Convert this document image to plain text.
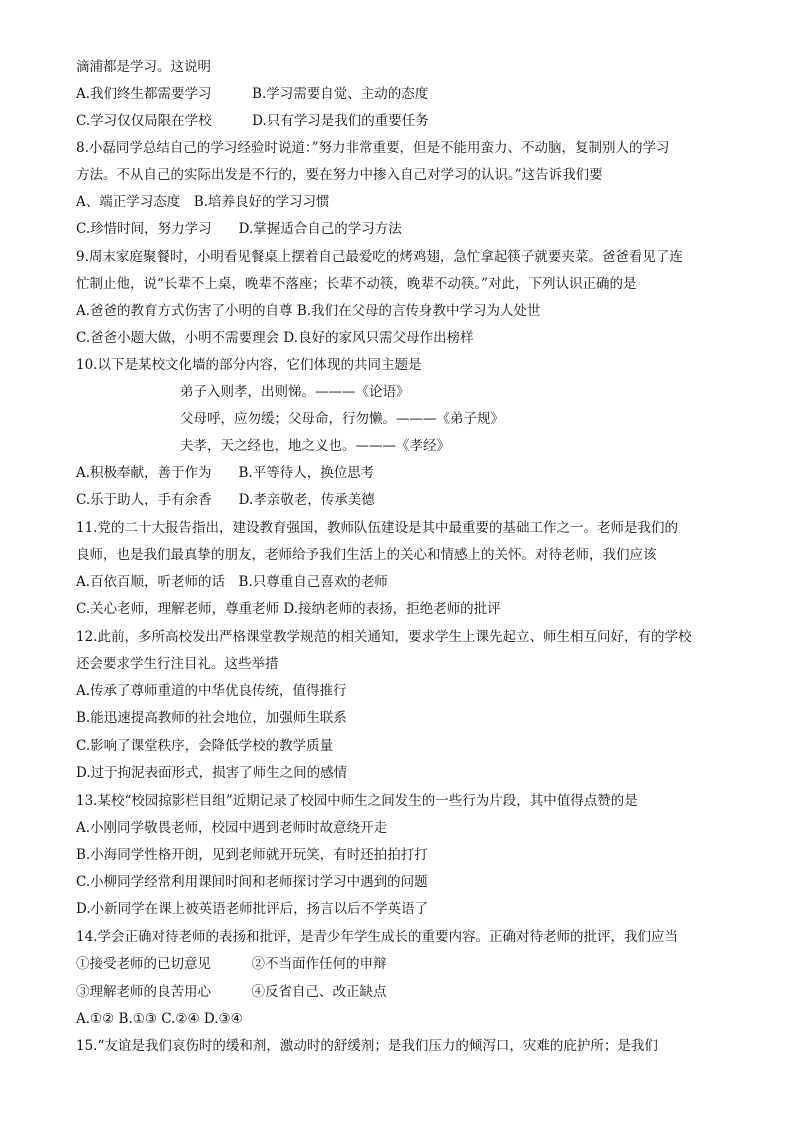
滴浦都是学习。这说明
A.我们终生都需要学习　　　B.学习需要自觉、主动的态度
C.学习仅仅局限在学校　　　D.只有学习是我们的重要任务
8.小磊同学总结自己的学习经验时说道：”努力非常重要，但是不能用蛮力、不动脑，复制别人的学习
方法。不从自己的实际出发是不行的，要在努力中掺入自己对学习的认识。”这告诉我们要
A、端正学习态度　B.培养良好的学习习惯
C.珍惜时间，努力学习　　D.掌握适合自己的学习方法
9.周末家庭聚餐时，小明看见餐桌上摆着自己最爱吃的烤鸡翅，急忙拿起筷子就要夹菜。爸爸看见了连
忙制止他，说“长辈不上桌，晚辈不落座；长辈不动筷，晚辈不动筷。”对此，下列认识正确的是
A.爸爸的教育方式伤害了小明的自尊 B.我们在父母的言传身教中学习为人处世
C.爸爸小题大做，小明不需要理会 D.良好的家风只需父母作出榜样
10.以下是某校文化墙的部分内容，它们体现的共同主题是
弟子入则孝，出则悌。———《论语》
父母呼，应勿缓；父母命，行勿懒。———《弟子规》
夫孝，天之经也，地之义也。———《孝经》
A.积极奉献，善于作为　　B.平等待人，换位思考
C.乐于助人，手有余香　　D.孝亲敬老，传承美德
11.党的二十大报告指出，建设教育强国，教师队伍建设是其中最重要的基础工作之一。老师是我们的
良师，也是我们最真挚的朋友，老师给予我们生活上的关心和情感上的关怀。对待老师，我们应该
A.百依百顺，听老师的话　B.只尊重自己喜欢的老师
C.关心老师，理解老师，尊重老师 D.接纳老师的表扬，拒绝老师的批评
12.此前，多所高校发出严格课堂教学规范的相关通知，要求学生上课先起立、师生相互问好，有的学校
还会要求学生行注目礼。这些举措
A.传承了尊师重道的中华优良传统，值得推行
B.能迅速提高教师的社会地位，加强师生联系
C.影响了课堂秩序，会降低学校的教学质量
D.过于拘泥表面形式，损害了师生之间的感情
13.某校“校园掠影栏目组”近期记录了校园中师生之间发生的一些行为片段，其中值得点赞的是
A.小刚同学敬畏老师，校园中遇到老师时故意绕开走
B.小海同学性格开朗，见到老师就开玩笑，有时还拍拍打打
C.小柳同学经常利用课间时间和老师探讨学习中遇到的问题
D.小新同学在课上被英语老师批评后，扬言以后不学英语了
14.学会正确对待老师的表扬和批评，是青少年学生成长的重要内容。正确对待老师的批评，我们应当
①接受老师的已切意见　　　②不当面作任何的申辩
③理解老师的良苦用心　　　④反省自己、改正缺点
A.①② B.①③ C.②④ D.③④
15.“友谊是我们哀伤时的缓和剂，激动时的舒缓剂；是我们压力的倾泻口，灾难的庇护所；是我们
